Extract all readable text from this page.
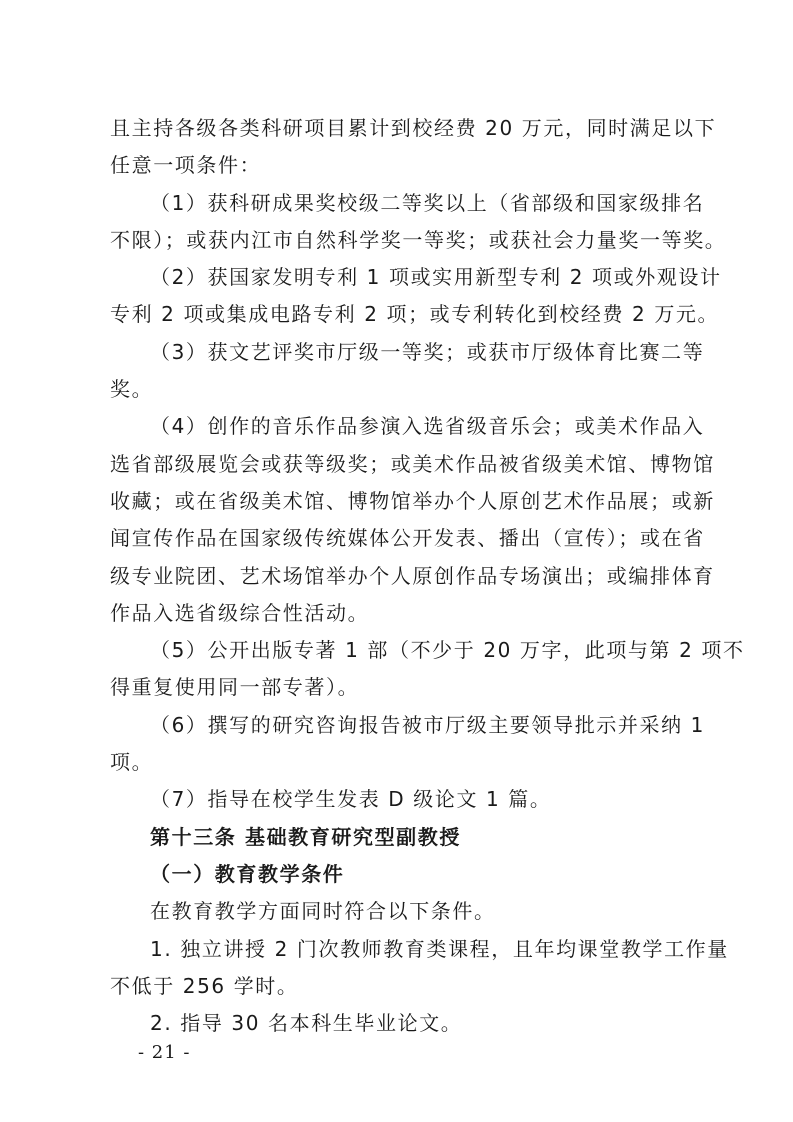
且主持各级各类科研项目累计到校经费 20 万元，同时满足以下
任意一项条件：
（1）获科研成果奖校级二等奖以上（省部级和国家级排名
不限）；或获内江市自然科学奖一等奖；或获社会力量奖一等奖。
（2）获国家发明专利 1 项或实用新型专利 2 项或外观设计
专利 2 项或集成电路专利 2 项；或专利转化到校经费 2 万元。
（3）获文艺评奖市厅级一等奖；或获市厅级体育比赛二等
奖。
（4）创作的音乐作品参演入选省级音乐会；或美术作品入
选省部级展览会或获等级奖；或美术作品被省级美术馆、博物馆
收藏；或在省级美术馆、博物馆举办个人原创艺术作品展；或新
闻宣传作品在国家级传统媒体公开发表、播出（宣传）；或在省
级专业院团、艺术场馆举办个人原创作品专场演出；或编排体育
作品入选省级综合性活动。
（5）公开出版专著 1 部（不少于 20 万字，此项与第 2 项不
得重复使用同一部专著）。
（6）撰写的研究咨询报告被市厅级主要领导批示并采纳 1
项。
（7）指导在校学生发表 D 级论文 1 篇。
第十三条 基础教育研究型副教授
（一）教育教学条件
在教育教学方面同时符合以下条件。
1. 独立讲授 2 门次教师教育类课程，且年均课堂教学工作量
不低于 256 学时。
2. 指导 30 名本科生毕业论文。
- 21 -
